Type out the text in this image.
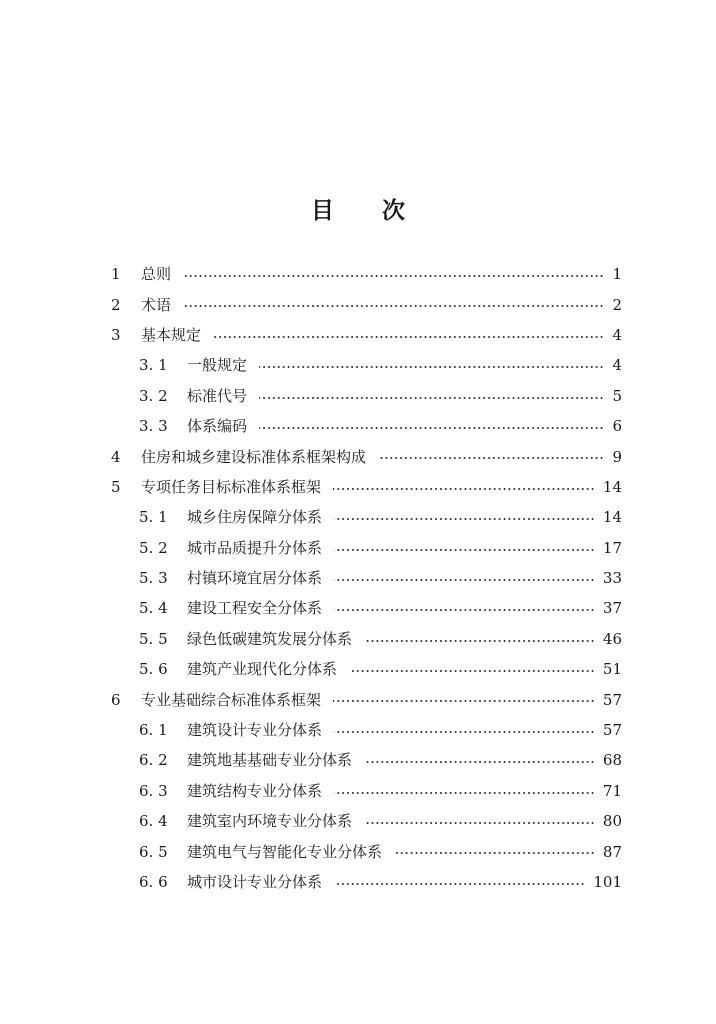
目 次
1 总则	1
2 术语	2
3 基本规定	4
3. 1 一般规定	4
3. 2 标准代号	5
3. 3 体系编码	6
4 住房和城乡建设标准体系框架构成	9
5 专项任务目标标准体系框架	14
5. 1 城乡住房保障分体系	14
5. 2 城市品质提升分体系	17
5. 3 村镇环境宜居分体系	33
5. 4 建设工程安全分体系	37
5. 5 绿色低碳建筑发展分体系	46
5. 6 建筑产业现代化分体系	51
6 专业基础综合标准体系框架	57
6. 1 建筑设计专业分体系	57
6. 2 建筑地基基础专业分体系	68
6. 3 建筑结构专业分体系	71
6. 4 建筑室内环境专业分体系	80
6. 5 建筑电气与智能化专业分体系	87
6. 6 城市设计专业分体系	101
